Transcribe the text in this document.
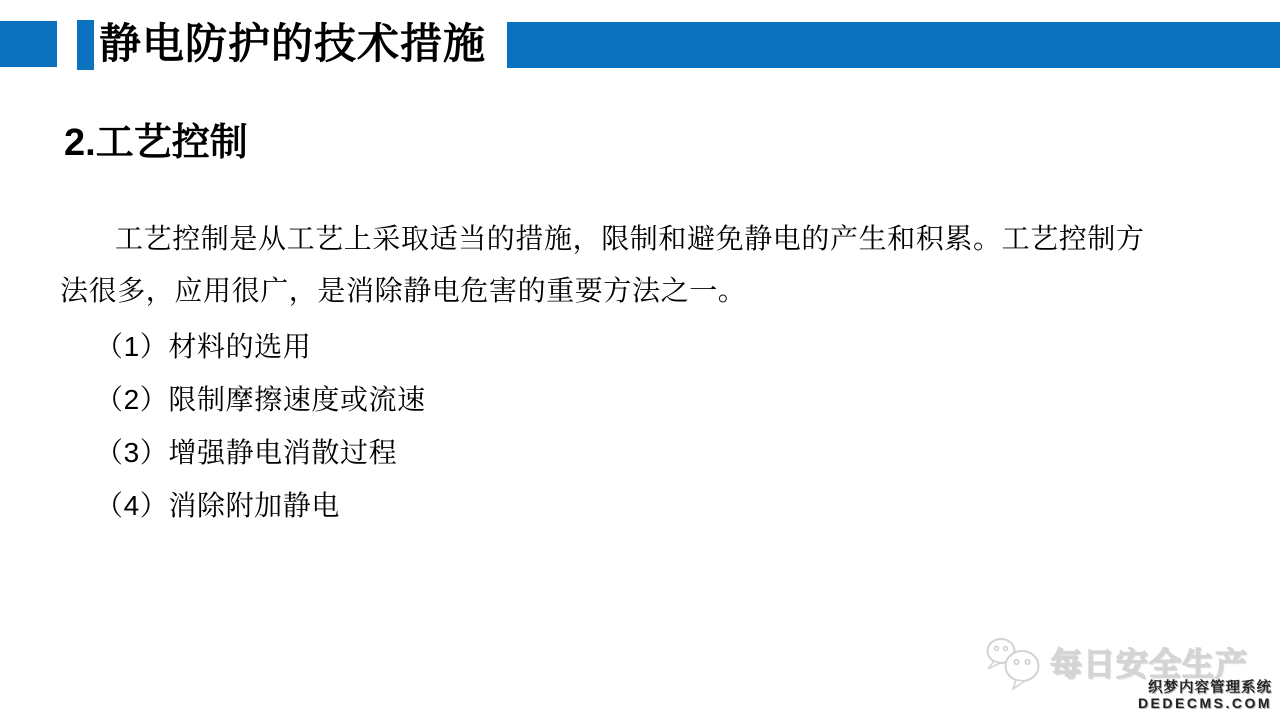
静电防护的技术措施
2.工艺控制
工艺控制是从工艺上采取适当的措施，限制和避免静电的产生和积累。工艺控制方
法很多，应用很广，是消除静电危害的重要方法之一。
（1）材料的选用
（2）限制摩擦速度或流速
（3）增强静电消散过程
（4）消除附加静电
每日安全生产
织梦内容管理系统
DEDECMS.COM
